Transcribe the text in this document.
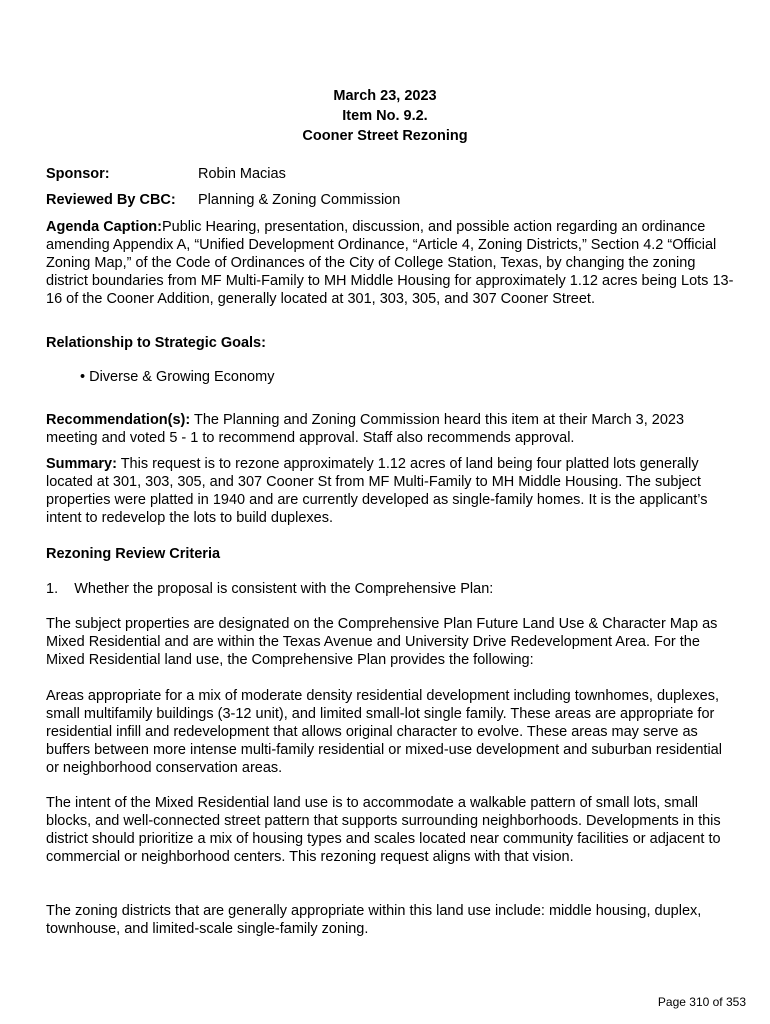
March 23, 2023
Item No. 9.2.
Cooner Street Rezoning
Sponsor:	Robin Macias
Reviewed By CBC: Planning & Zoning Commission

Agenda Caption:Public Hearing, presentation, discussion, and possible action regarding an ordinance amending Appendix A, “Unified Development Ordinance, “Article 4, Zoning Districts,” Section 4.2 “Official Zoning Map,” of the Code of Ordinances of the City of College Station, Texas, by changing the zoning district boundaries from MF Multi-Family to MH Middle Housing for approximately 1.12 acres being Lots 13-16 of the Cooner Addition, generally located at 301, 303, 305, and 307 Cooner Street.

Relationship to Strategic Goals:

• Diverse & Growing Economy

Recommendation(s): The Planning and Zoning Commission heard this item at their March 3, 2023 meeting and voted 5 - 1 to recommend approval. Staff also recommends approval.

Summary: This request is to rezone approximately 1.12 acres of land being four platted lots generally located at 301, 303, 305, and 307 Cooner St from MF Multi-Family to MH Middle Housing. The subject properties were platted in 1940 and are currently developed as single-family homes. It is the applicant’s intent to redevelop the lots to build duplexes.

Rezoning Review Criteria

1.    Whether the proposal is consistent with the Comprehensive Plan:

The subject properties are designated on the Comprehensive Plan Future Land Use & Character Map as Mixed Residential and are within the Texas Avenue and University Drive Redevelopment Area. For the Mixed Residential land use, the Comprehensive Plan provides the following:

Areas appropriate for a mix of moderate density residential development including townhomes, duplexes, small multifamily buildings (3-12 unit), and limited small-lot single family. These areas are appropriate for residential infill and redevelopment that allows original character to evolve. These areas may serve as buffers between more intense multi-family residential or mixed-use development and suburban residential or neighborhood conservation areas.

The intent of the Mixed Residential land use is to accommodate a walkable pattern of small lots, small blocks, and well-connected street pattern that supports surrounding neighborhoods. Developments in this district should prioritize a mix of housing types and scales located near community facilities or adjacent to commercial or neighborhood centers. This rezoning request aligns with that vision.

The zoning districts that are generally appropriate within this land use include: middle housing, duplex, townhouse, and limited-scale single-family zoning.

Page 310 of 353
